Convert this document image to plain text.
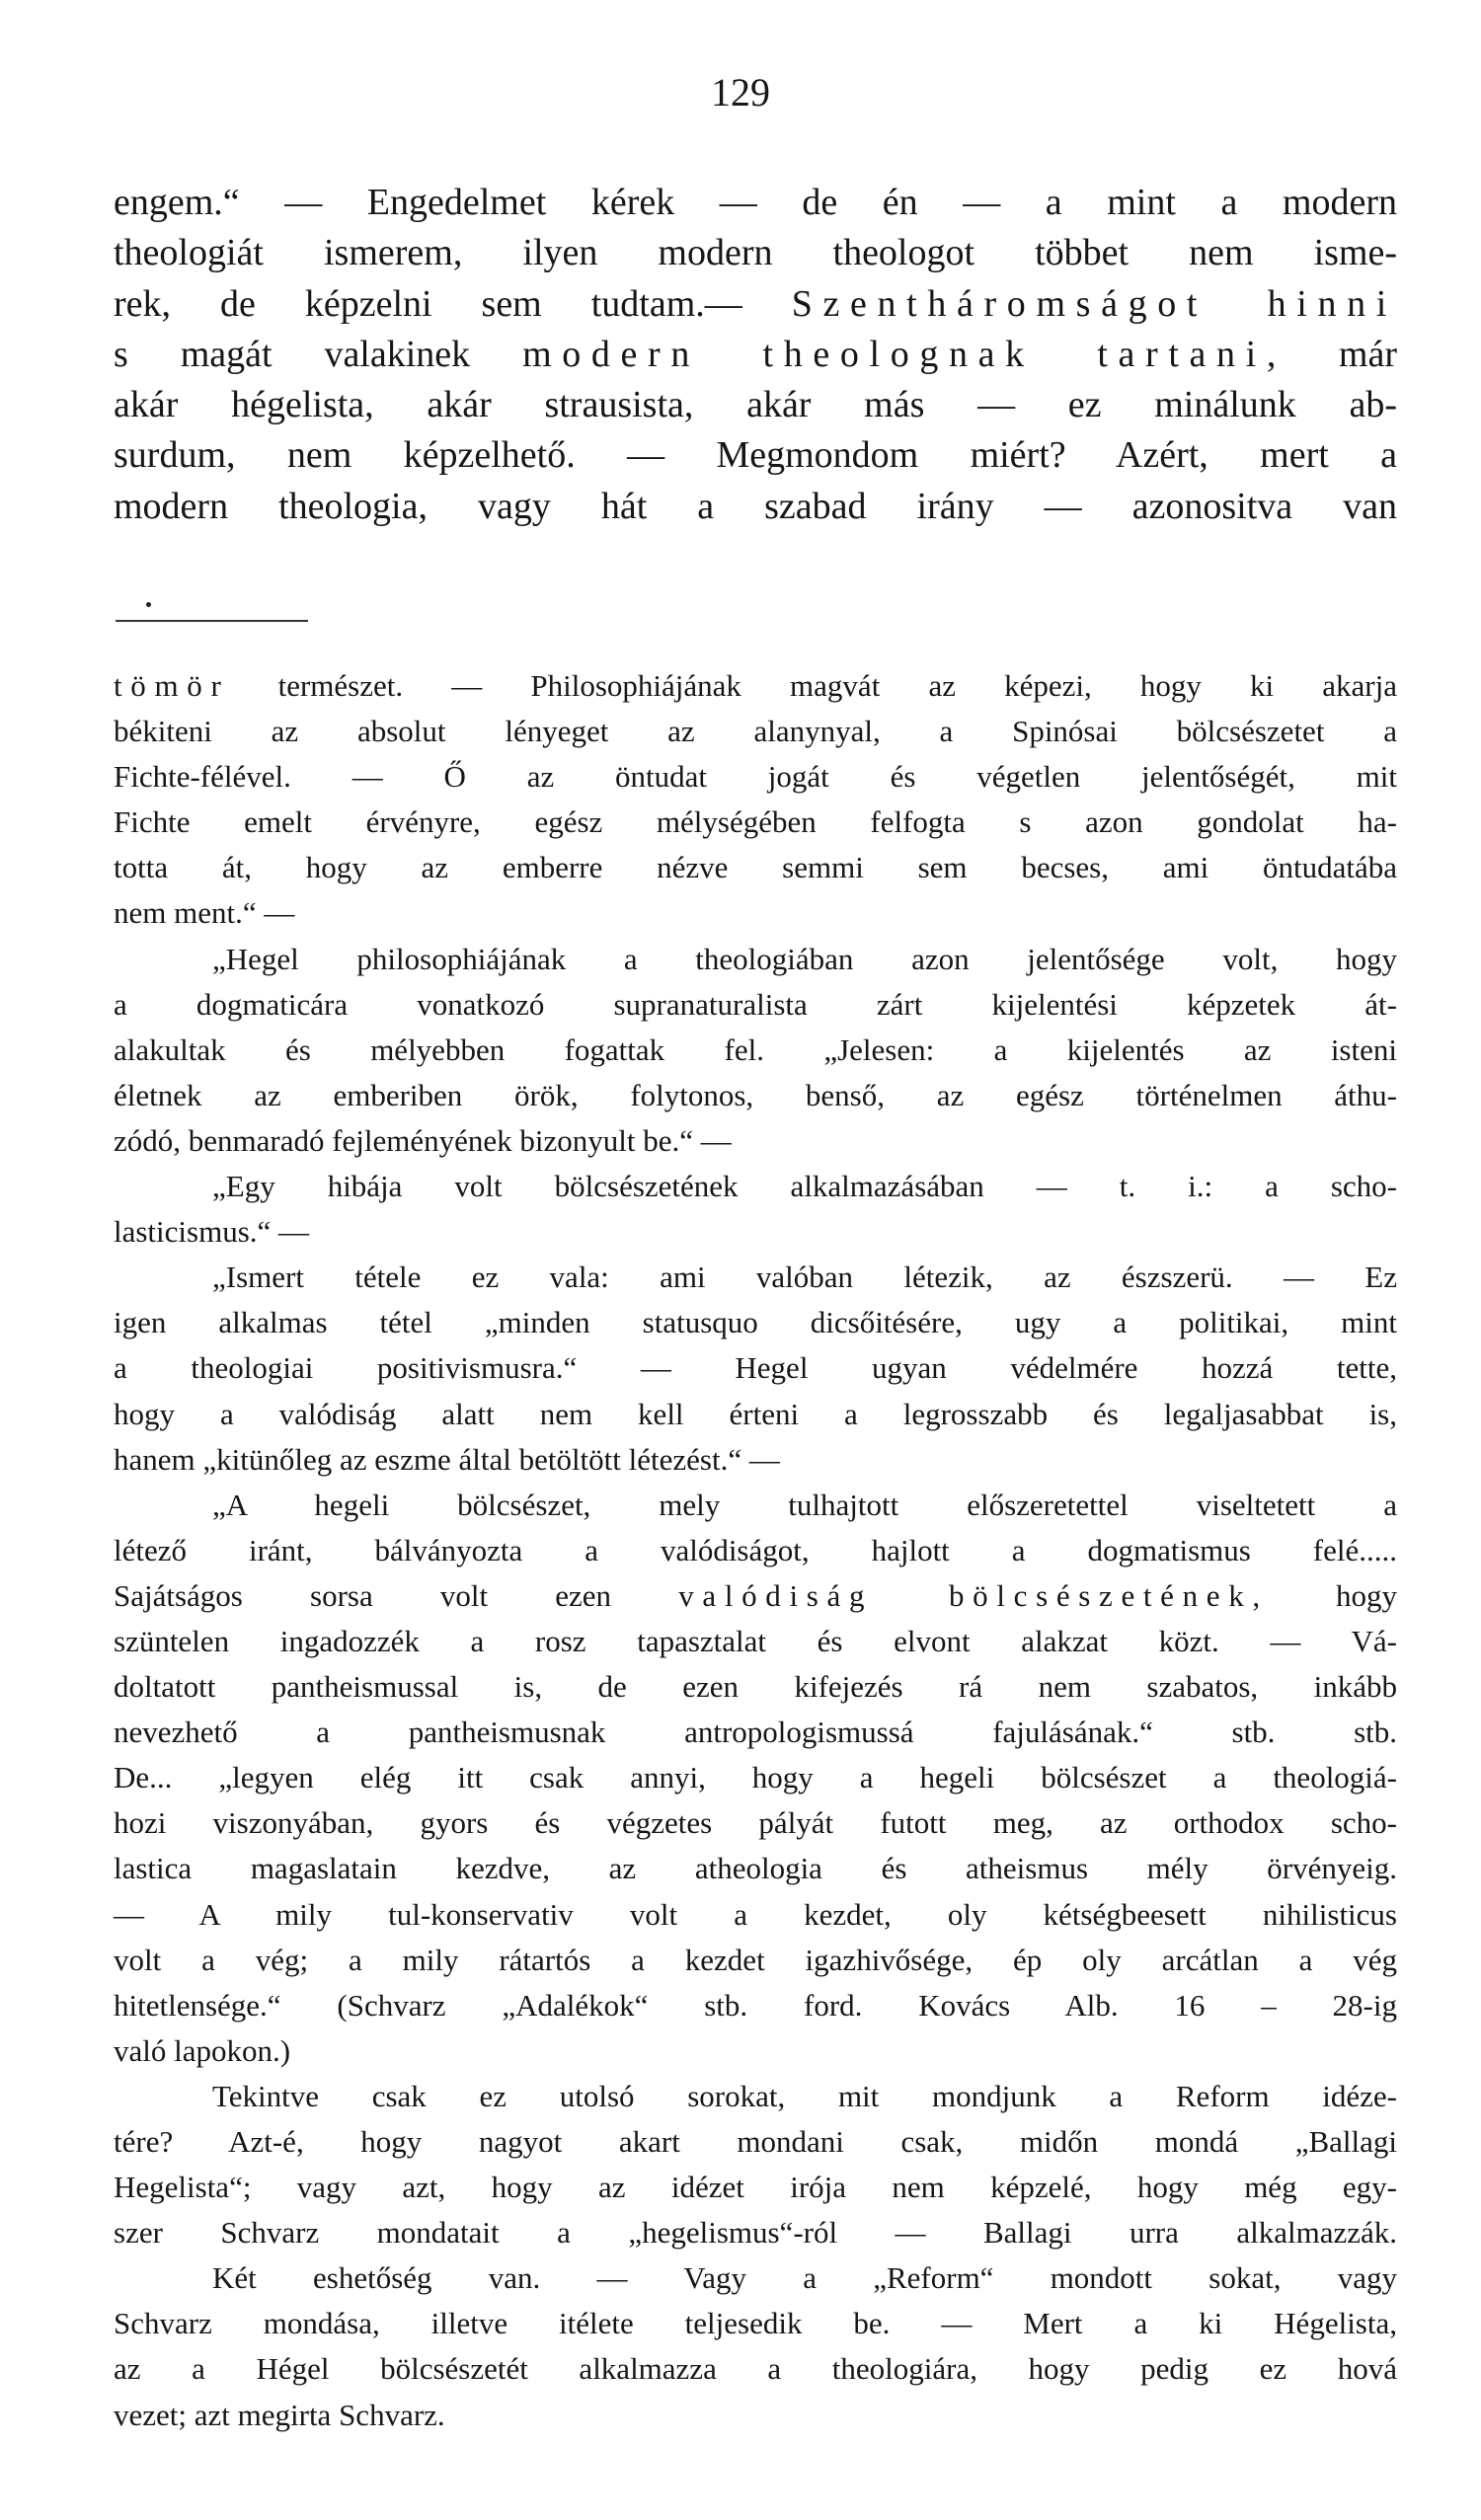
129
engem.“ — Engedelmet kérek — de én — a mint a modern
theologiát ismerem, ilyen modern theologot többet nem isme-
rek, de képzelni sem tudtam.— Szentháromságot hinni
s magát valakinek modern theolognak tartani, már
akár hégelista, akár strausista, akár más — ez minálunk ab-
surdum, nem képzelhető. — Megmondom miért? Azért, mert a
modern theologia, vagy hát a szabad irány — azonositva van
tömör természet. — Philosophiájának magvát az képezi, hogy ki akarja
békiteni az absolut lényeget az alanynyal, a Spinósai bölcsészetet a
Fichte-félével. — Ő az öntudat jogát és végetlen jelentőségét, mit
Fichte emelt érvényre, egész mélységében felfogta s azon gondolat ha-
totta át, hogy az emberre nézve semmi sem becses, ami öntudatába
nem ment.“ —
„Hegel philosophiájának a theologiában azon jelentősége volt, hogy
a dogmaticára vonatkozó supranaturalista zárt kijelentési képzetek át-
alakultak és mélyebben fogattak fel. „Jelesen: a kijelentés az isteni
életnek az emberiben örök, folytonos, benső, az egész történelmen áthu-
zódó, benmaradó fejleményének bizonyult be.“ —
„Egy hibája volt bölcsészetének alkalmazásában — t. i.: a scho-
lasticismus.“ —
„Ismert tétele ez vala: ami valóban létezik, az észszerü. — Ez
igen alkalmas tétel „minden statusquo dicsőitésére, ugy a politikai, mint
a theologiai positivismusra.“ — Hegel ugyan védelmére hozzá tette,
hogy a valódiság alatt nem kell érteni a legrosszabb és legaljasabbat is,
hanem „kitünőleg az eszme által betöltött létezést.“ —
„A hegeli bölcsészet, mely tulhajtott előszeretettel viseltetett a
létező iránt, bálványozta a valódiságot, hajlott a dogmatismus felé.....
Sajátságos sorsa volt ezen valódiság bölcsészetének, hogy
szüntelen ingadozzék a rosz tapasztalat és elvont alakzat közt. — Vá-
doltatott pantheismussal is, de ezen kifejezés rá nem szabatos, inkább
nevezhető a pantheismusnak antropologismussá fajulásának.“ stb. stb.
De... „legyen elég itt csak annyi, hogy a hegeli bölcsészet a theologiá-
hozi viszonyában, gyors és végzetes pályát futott meg, az orthodox scho-
lastica magaslatain kezdve, az atheologia és atheismus mély örvényeig.
— A mily tul-konservativ volt a kezdet, oly kétségbeesett nihilisticus
volt a vég; a mily rátartós a kezdet igazhivősége, ép oly arcátlan a vég
hitetlensége.“ (Schvarz „Adalékok“ stb. ford. Kovács Alb. 16 – 28-ig
való lapokon.)
Tekintve csak ez utolsó sorokat, mit mondjunk a Reform idéze-
tére? Azt-é, hogy nagyot akart mondani csak, midőn mondá „Ballagi
Hegelista“; vagy azt, hogy az idézet irója nem képzelé, hogy még egy-
szer Schvarz mondatait a „hegelismus“-ról — Ballagi urra alkalmazzák.
Két eshetőség van. — Vagy a „Reform“ mondott sokat, vagy
Schvarz mondása, illetve itélete teljesedik be. — Mert a ki Hégelista,
az a Hégel bölcsészetét alkalmazza a theologiára, hogy pedig ez hová
vezet; azt megirta Schvarz.
